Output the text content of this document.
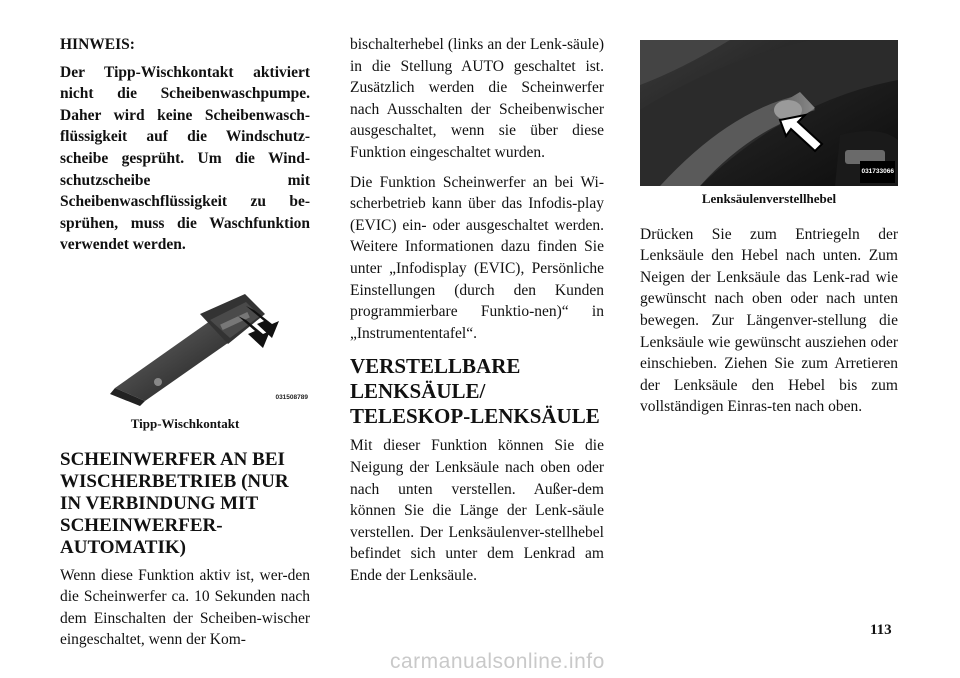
HINWEIS:

Der Tipp-Wischkontakt aktiviert nicht die Scheibenwaschpumpe. Daher wird keine Scheibenwasch-flüssigkeit auf die Windschutz-scheibe gesprüht. Um die Wind-schutzscheibe mit Scheibenwaschflüssigkeit zu be-sprühen, muss die Waschfunktion verwendet werden.

031508789
Tipp-Wischkontakt
SCHEINWERFER AN BEI WISCHERBETRIEB (NUR IN VERBINDUNG MIT SCHEINWERFER-AUTOMATIK)

Wenn diese Funktion aktiv ist, wer-den die Scheinwerfer ca. 10 Sekunden nach dem Einschalten der Scheiben-wischer eingeschaltet, wenn der Kom-

bischalterhebel (links an der Lenk-säule) in die Stellung AUTO geschaltet ist. Zusätzlich werden die Scheinwerfer nach Ausschalten der Scheibenwischer ausgeschaltet, wenn sie über diese Funktion eingeschaltet wurden.

Die Funktion Scheinwerfer an bei Wi-scherbetrieb kann über das Infodis-play (EVIC) ein- oder ausgeschaltet werden. Weitere Informationen dazu finden Sie unter „Infodisplay (EVIC), Persönliche Einstellungen (durch den Kunden programmierbare Funktio-nen)“ in „Instrumententafel“.

VERSTELLBARE LENKSÄULE/ TELESKOP-LENKSÄULE

Mit dieser Funktion können Sie die Neigung der Lenksäule nach oben oder nach unten verstellen. Außer-dem können Sie die Länge der Lenk-säule verstellen. Der Lenksäulenver-stellhebel befindet sich unter dem Lenkrad am Ende der Lenksäule.

031733066
Lenksäulenverstellhebel

Drücken Sie zum Entriegeln der Lenksäule den Hebel nach unten. Zum Neigen der Lenksäule das Lenk-rad wie gewünscht nach oben oder nach unten bewegen. Zur Längenver-stellung die Lenksäule wie gewünscht ausziehen oder einschieben. Ziehen Sie zum Arretieren der Lenksäule den Hebel bis zum vollständigen Einras-ten nach oben.

113
carmanualsonline.info
